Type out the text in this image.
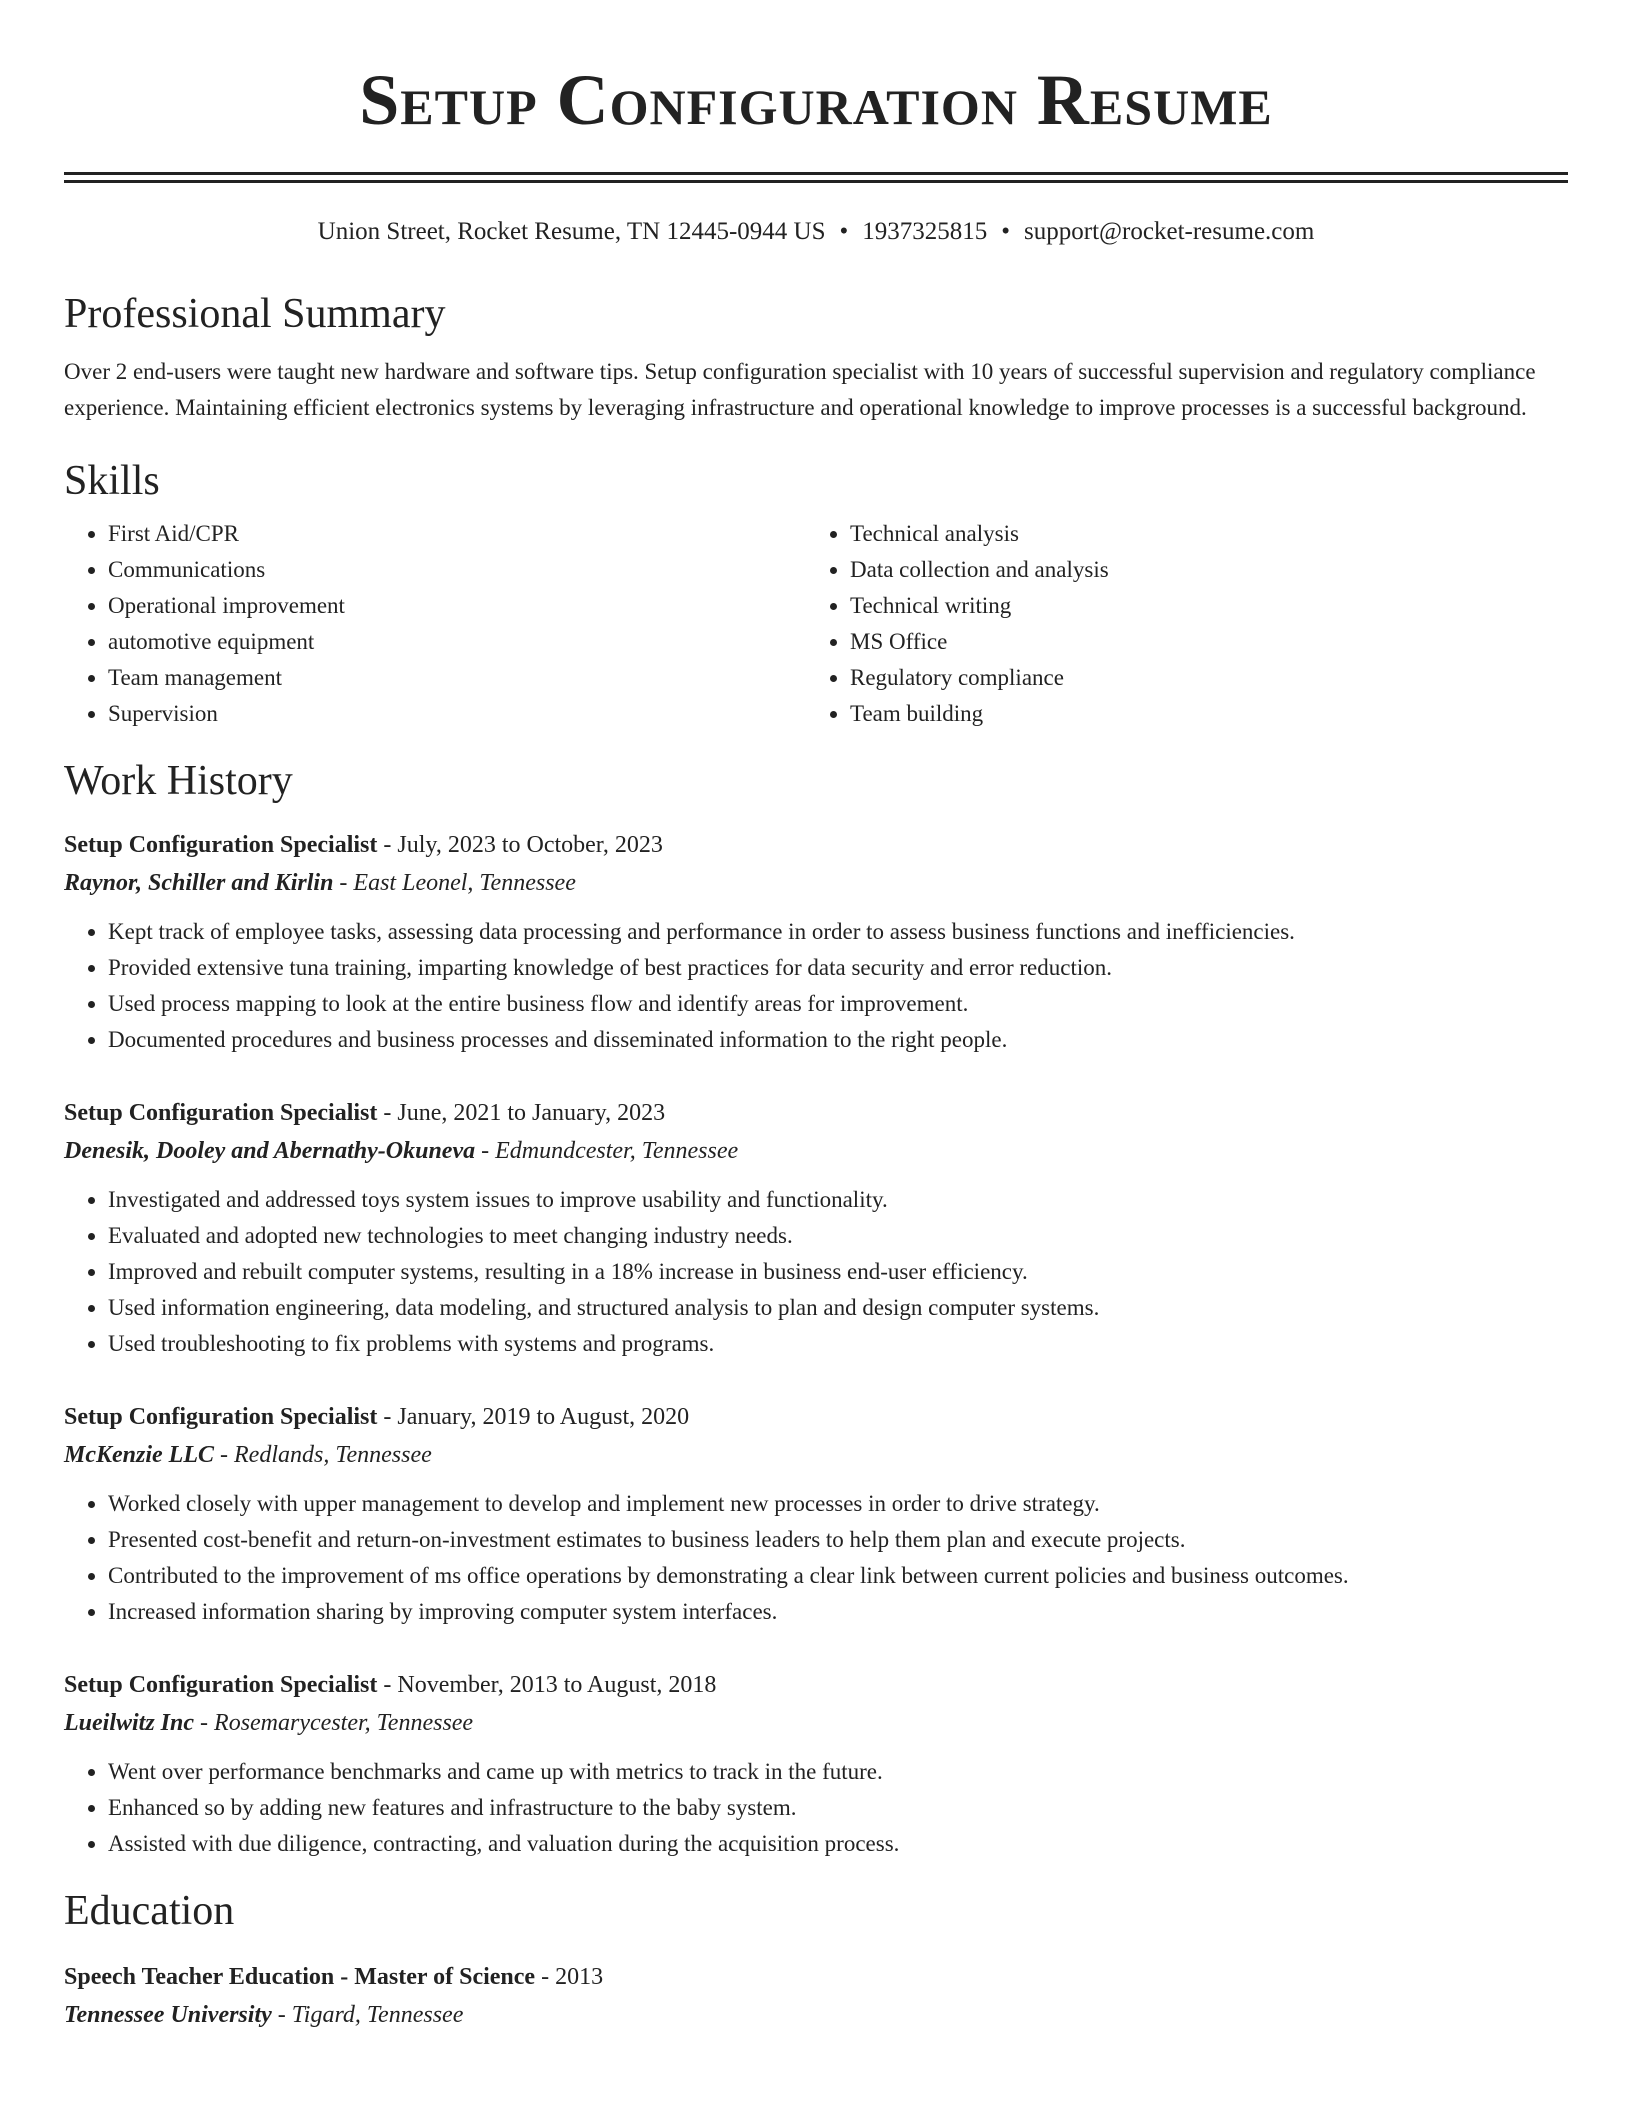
Setup Configuration Resume
Union Street, Rocket Resume, TN 12445-0944 US • 1937325815 • support@rocket-resume.com
Professional Summary
Over 2 end-users were taught new hardware and software tips. Setup configuration specialist with 10 years of successful supervision and regulatory compliance experience. Maintaining efficient electronics systems by leveraging infrastructure and operational knowledge to improve processes is a successful background.
Skills
• First Aid/CPR
• Communications
• Operational improvement
• automotive equipment
• Team management
• Supervision
• Technical analysis
• Data collection and analysis
• Technical writing
• MS Office
• Regulatory compliance
• Team building
Work History
Setup Configuration Specialist - July, 2023 to October, 2023
Raynor, Schiller and Kirlin - East Leonel, Tennessee
• Kept track of employee tasks, assessing data processing and performance in order to assess business functions and inefficiencies.
• Provided extensive tuna training, imparting knowledge of best practices for data security and error reduction.
• Used process mapping to look at the entire business flow and identify areas for improvement.
• Documented procedures and business processes and disseminated information to the right people.
Setup Configuration Specialist - June, 2021 to January, 2023
Denesik, Dooley and Abernathy-Okuneva - Edmundcester, Tennessee
• Investigated and addressed toys system issues to improve usability and functionality.
• Evaluated and adopted new technologies to meet changing industry needs.
• Improved and rebuilt computer systems, resulting in a 18% increase in business end-user efficiency.
• Used information engineering, data modeling, and structured analysis to plan and design computer systems.
• Used troubleshooting to fix problems with systems and programs.
Setup Configuration Specialist - January, 2019 to August, 2020
McKenzie LLC - Redlands, Tennessee
• Worked closely with upper management to develop and implement new processes in order to drive strategy.
• Presented cost-benefit and return-on-investment estimates to business leaders to help them plan and execute projects.
• Contributed to the improvement of ms office operations by demonstrating a clear link between current policies and business outcomes.
• Increased information sharing by improving computer system interfaces.
Setup Configuration Specialist - November, 2013 to August, 2018
Lueilwitz Inc - Rosemarycester, Tennessee
• Went over performance benchmarks and came up with metrics to track in the future.
• Enhanced so by adding new features and infrastructure to the baby system.
• Assisted with due diligence, contracting, and valuation during the acquisition process.
Education
Speech Teacher Education - Master of Science - 2013
Tennessee University - Tigard, Tennessee
